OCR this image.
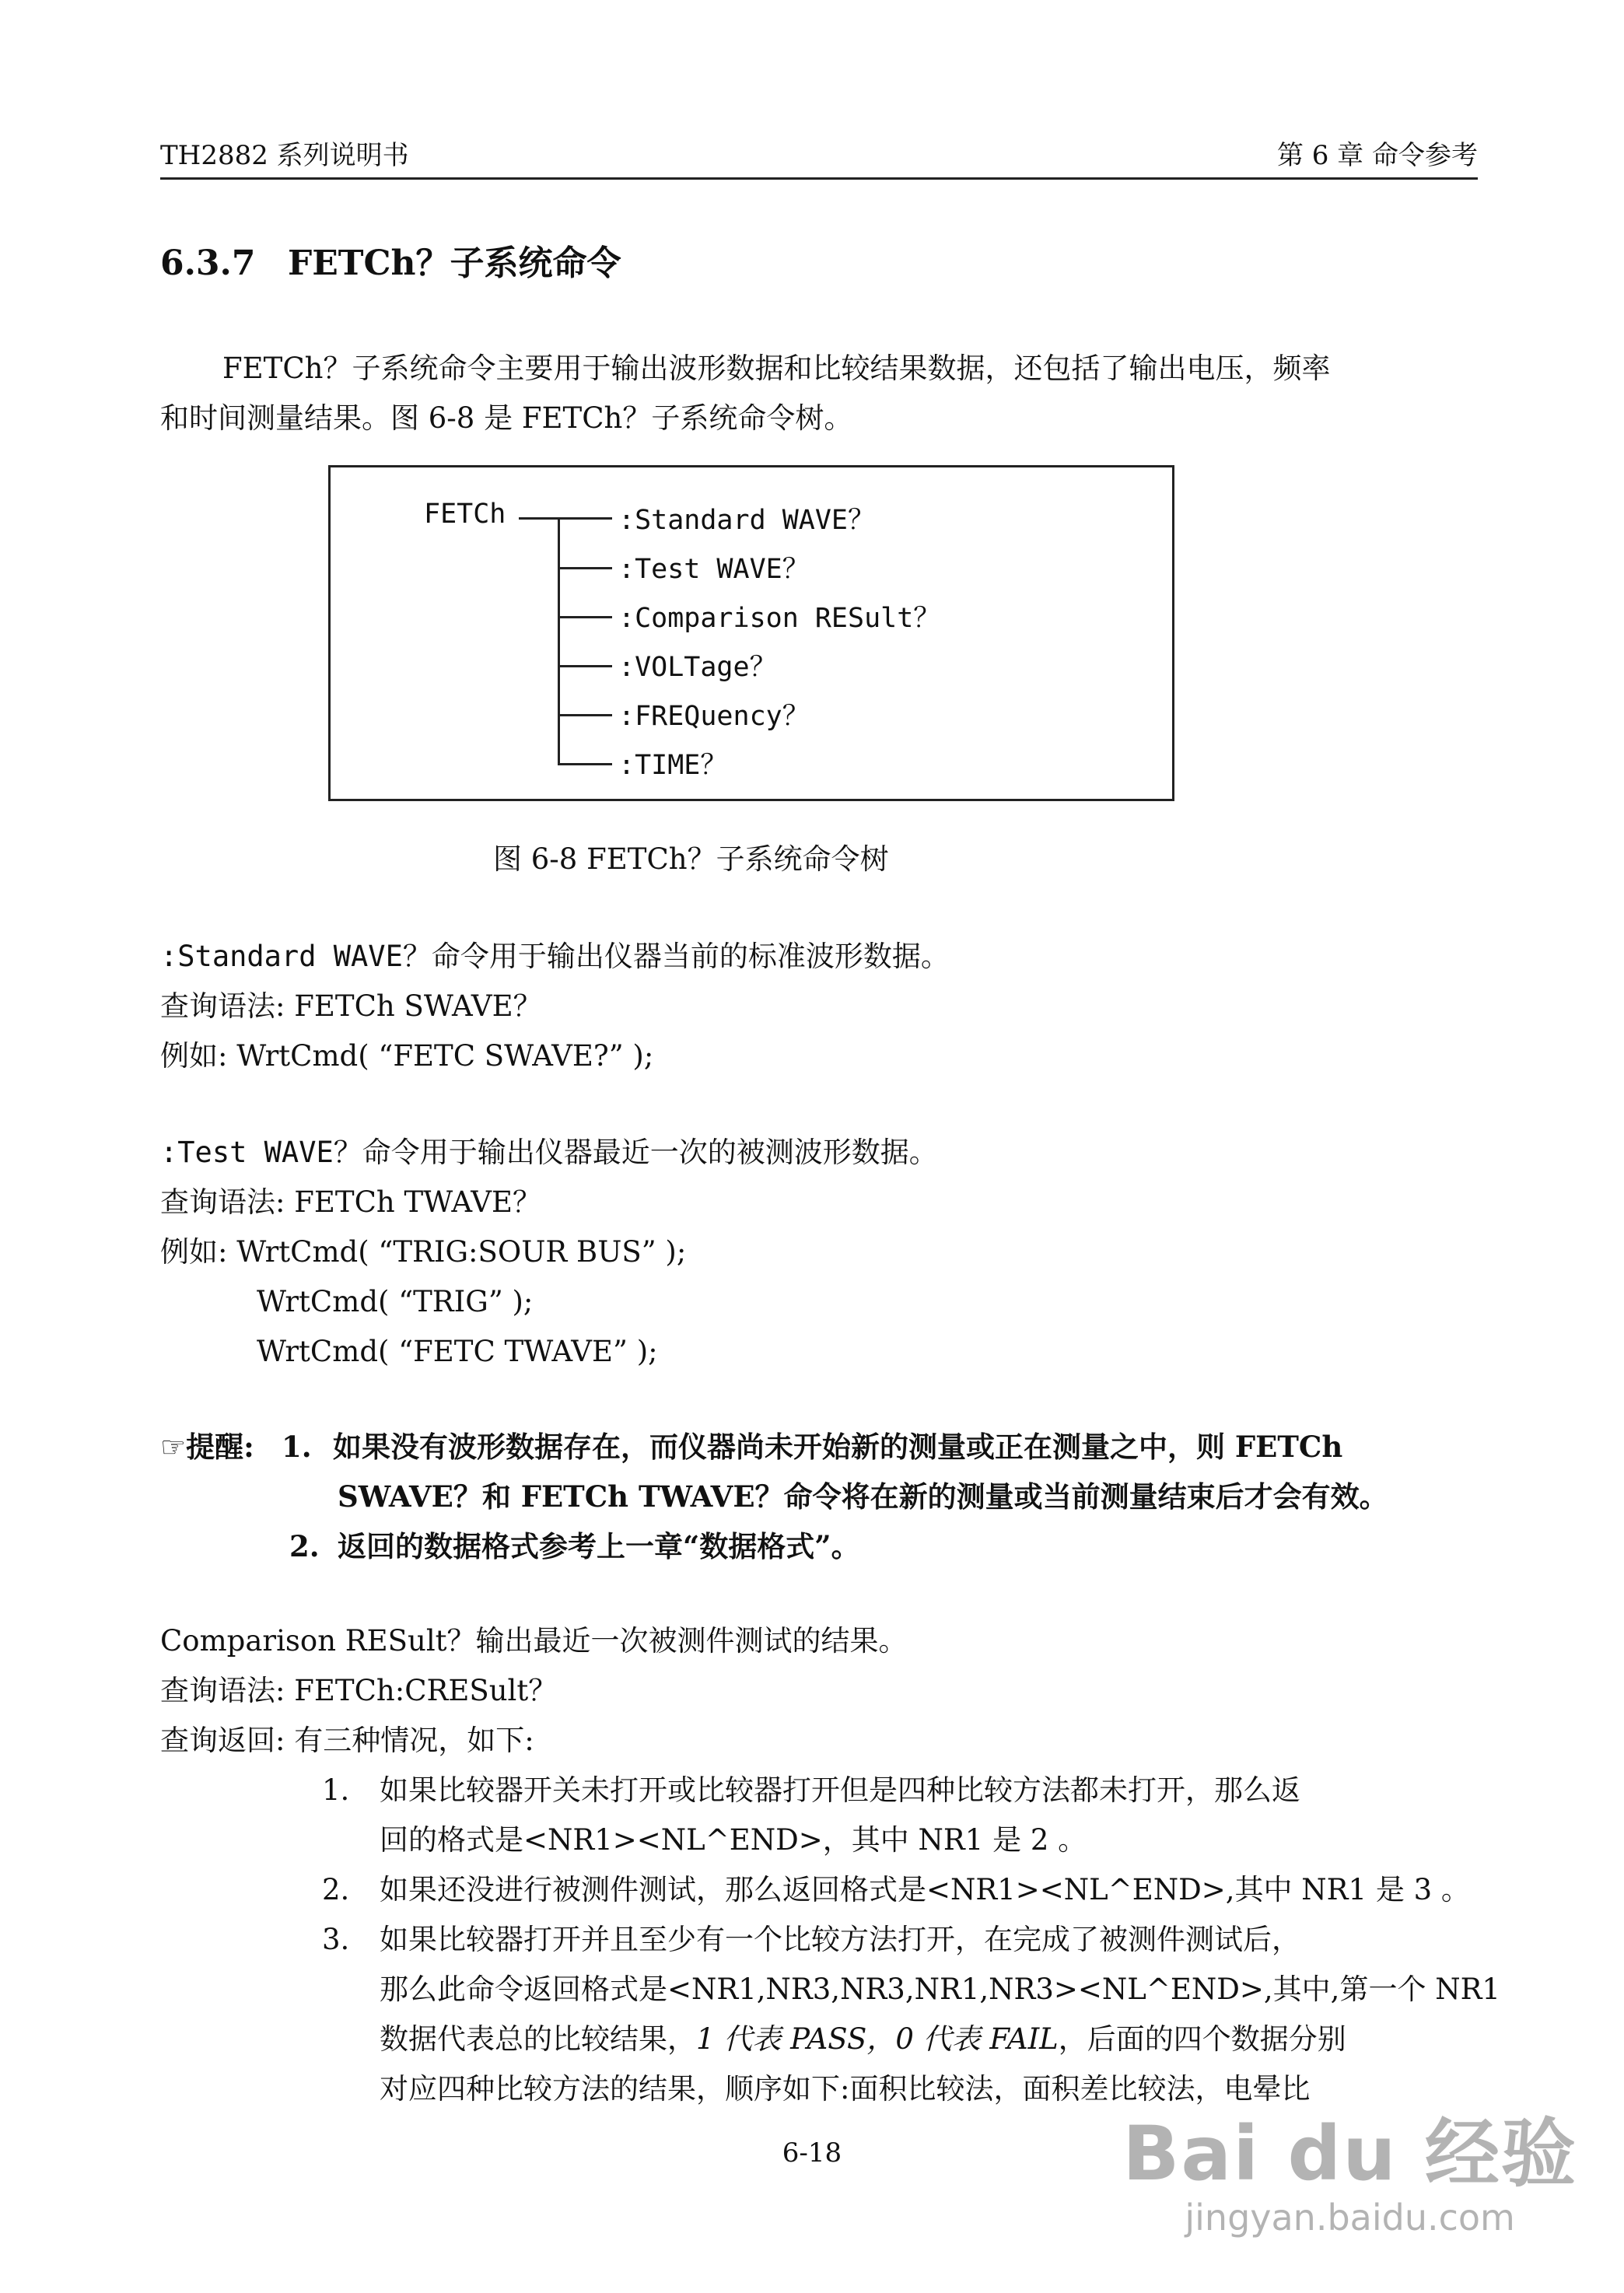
TH2882 系列说明书	第 6 章 命令参考
6.3.7 FETCh？子系统命令
FETCh？子系统命令主要用于输出波形数据和比较结果数据，还包括了输出电压，频率
和时间测量结果。图 6-8 是 FETCh？子系统命令树。
FETCh	:Standard WAVE？
:Test WAVE？
:Comparison RESult？
:VOLTage？
:FREQuency？
:TIME？
图 6-8 FETCh？子系统命令树
:Standard WAVE？命令用于输出仪器当前的标准波形数据。
查询语法: FETCh SWAVE？
例如: WrtCmd( “FETC SWAVE?” );
:Test WAVE？命令用于输出仪器最近一次的被测波形数据。
查询语法: FETCh TWAVE？
例如: WrtCmd( “TRIG:SOUR BUS” );
WrtCmd( “TRIG” );
WrtCmd( “FETC TWAVE” );
☞提醒: 1. 如果没有波形数据存在，而仪器尚未开始新的测量或正在测量之中，则 FETCh
SWAVE？和 FETCh TWAVE？命令将在新的测量或当前测量结束后才会有效。
2. 返回的数据格式参考上一章“数据格式”。
Comparison RESult？输出最近一次被测件测试的结果。
查询语法: FETCh:CRESult？
查询返回: 有三种情况，如下:
1. 如果比较器开关未打开或比较器打开但是四种比较方法都未打开，那么返
回的格式是<NR1><NL^END>，其中 NR1 是 2 。
2. 如果还没进行被测件测试，那么返回格式是<NR1><NL^END>,其中 NR1 是 3 。
3. 如果比较器打开并且至少有一个比较方法打开，在完成了被测件测试后，
那么此命令返回格式是<NR1,NR3,NR3,NR1,NR3><NL^END>,其中,第一个 NR1
数据代表总的比较结果，1 代表 PASS，0 代表 FAIL，后面的四个数据分别
对应四种比较方法的结果，顺序如下:面积比较法，面积差比较法，电晕比
6-18	Bai du 经验
jingyan.baidu.com
